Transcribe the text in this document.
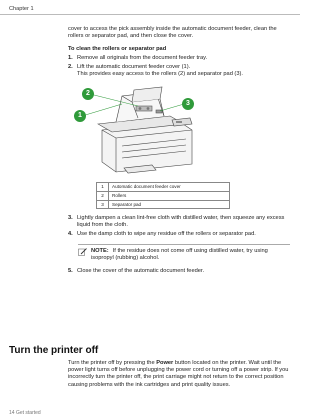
Chapter 1

cover to access the pick assembly inside the automatic document feeder, clean the rollers or separator pad, and then close the cover.

To clean the rollers or separator pad

1. Remove all originals from the document feeder tray.
2. Lift the automatic document feeder cover (1).
This provides easy access to the rollers (2) and separator pad (3).
1
2
3
1	Automatic document feeder cover
2	Rollers
3	Separator pad
3. Lightly dampen a clean lint-free cloth with distilled water, then squeeze any excess liquid from the cloth.
4. Use the damp cloth to wipe any residue off the rollers or separator pad.
NOTE: If the residue does not come off using distilled water, try using isopropyl (rubbing) alcohol.
5. Close the cover of the automatic document feeder.
Turn the printer off

Turn the printer off by pressing the Power button located on the printer. Wait until the power light turns off before unplugging the power cord or turning off a power strip. If you incorrectly turn the printer off, the print carriage might not return to the correct position causing problems with the ink cartridges and print quality issues.

14 Get started
